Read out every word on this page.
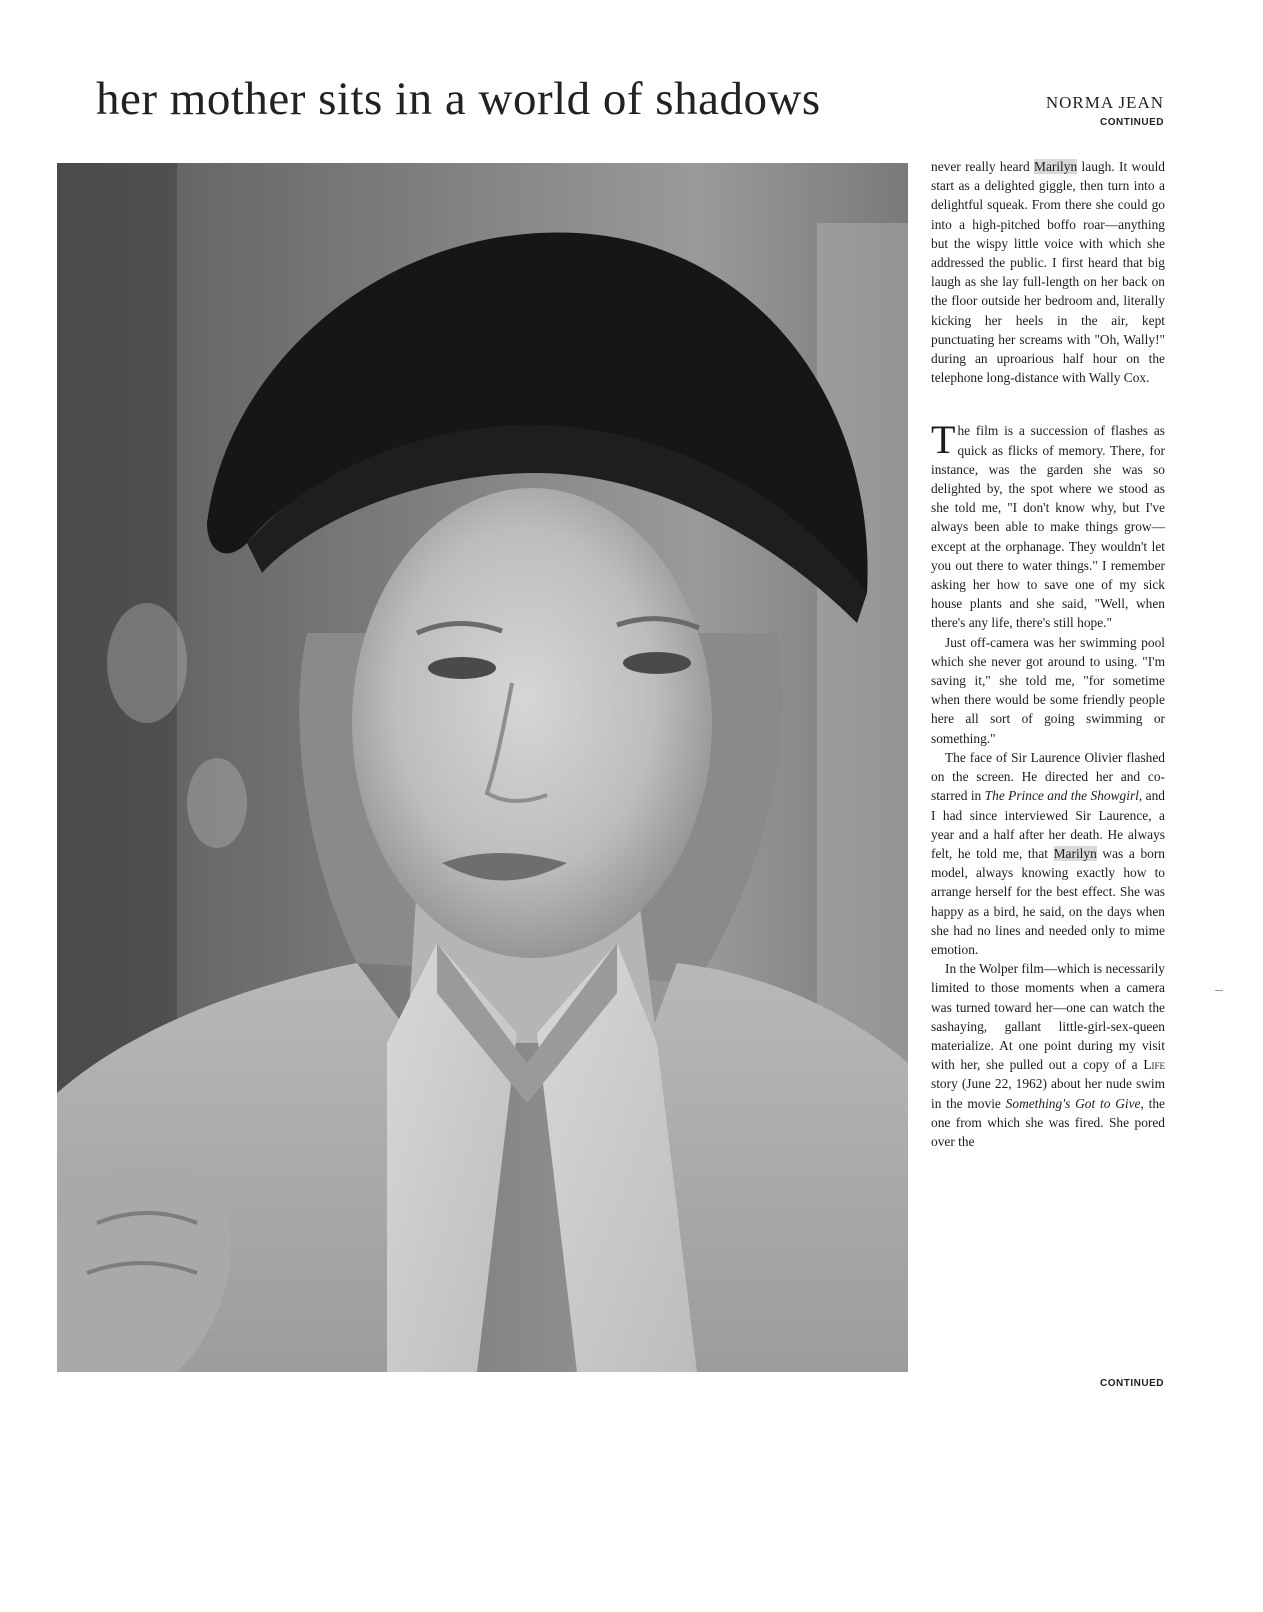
her mother sits in a world of shadows	NORMA JEAN
CONTINUED

never really heard Marilyn laugh. It would start as a delighted giggle, then turn into a delightful squeak. From there she could go into a high-pitched boffo roar—anything but the wispy little voice with which she addressed the public. I first heard that big laugh as she lay full-length on her back on the floor outside her bedroom and, literally kicking her heels in the air, kept punctuating her screams with "Oh, Wally!" during an uproarious half hour on the telephone long-distance with Wally Cox.

The film is a succession of flashes as quick as flicks of memory. There, for instance, was the garden she was so delighted by, the spot where we stood as she told me, "I don't know why, but I've always been able to make things grow—except at the orphanage. They wouldn't let you out there to water things." I remember asking her how to save one of my sick house plants and she said, "Well, when there's any life, there's still hope."

Just off-camera was her swimming pool which she never got around to using. "I'm saving it," she told me, "for sometime when there would be some friendly people here all sort of going swimming or something."

The face of Sir Laurence Olivier flashed on the screen. He directed her and co-starred in The Prince and the Showgirl, and I had since interviewed Sir Laurence, a year and a half after her death. He always felt, he told me, that Marilyn was a born model, always knowing exactly how to arrange herself for the best effect. She was happy as a bird, he said, on the days when she had no lines and needed only to mime emotion.

In the Wolper film—which is necessarily limited to those moments when a camera was turned toward her—one can watch the sashaying, gallant little-girl-sex-queen materialize. At one point during my visit with her, she pulled out a copy of a Life story (June 22, 1962) about her nude swim in the movie Something's Got to Give, the one from which she was fired. She pored over the

CONTINUED
